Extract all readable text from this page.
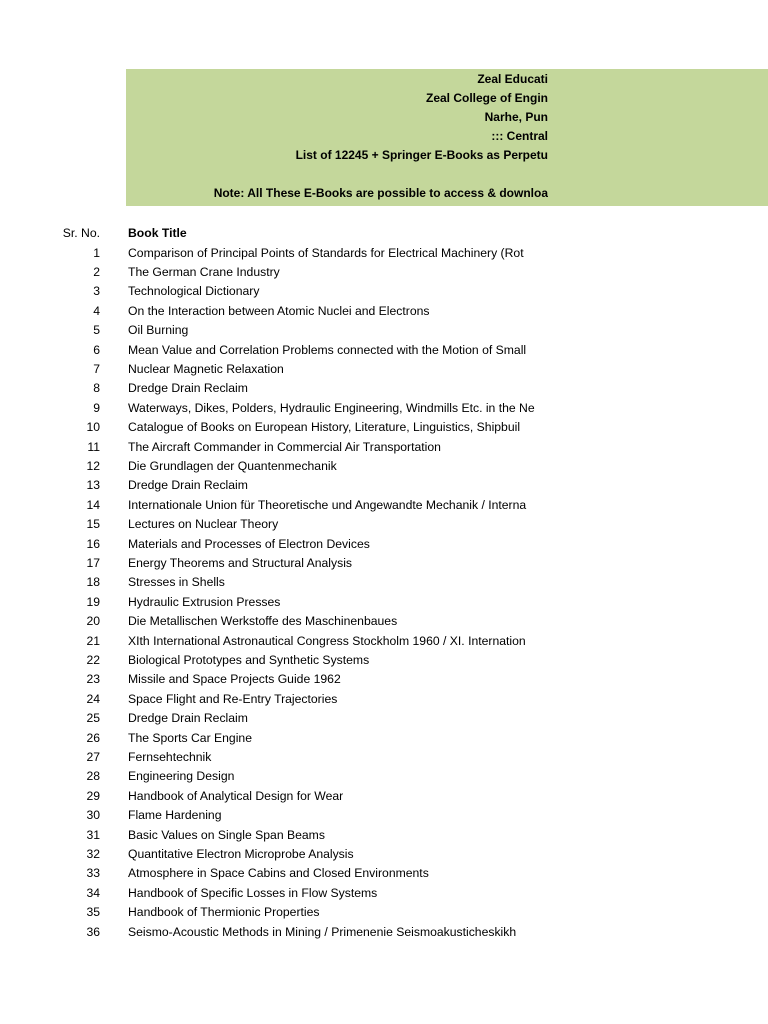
Zeal Educati
Zeal College of Engin
Narhe, Pun
::: Central
List of 12245 + Springer E-Books as Perpetu
Note: All These E-Books are possible to access & downloa
Sr. No. Book Title
1 Comparison of Principal Points of Standards for Electrical Machinery (Rot
2 The German Crane Industry
3 Technological Dictionary
4 On the Interaction between Atomic Nuclei and Electrons
5 Oil Burning
6 Mean Value and Correlation Problems connected with the Motion of Small
7 Nuclear Magnetic Relaxation
8 Dredge Drain Reclaim
9 Waterways, Dikes, Polders, Hydraulic Engineering, Windmills Etc. in the Ne
10 Catalogue of Books on European History, Literature, Linguistics, Shipbuil
11 The Aircraft Commander in Commercial Air Transportation
12 Die Grundlagen der Quantenmechanik
13 Dredge Drain Reclaim
14 Internationale Union für Theoretische und Angewandte Mechanik / Interna
15 Lectures on Nuclear Theory
16 Materials and Processes of Electron Devices
17 Energy Theorems and Structural Analysis
18 Stresses in Shells
19 Hydraulic Extrusion Presses
20 Die Metallischen Werkstoffe des Maschinenbaues
21 XIth International Astronautical Congress Stockholm 1960 / XI. Internation
22 Biological Prototypes and Synthetic Systems
23 Missile and Space Projects Guide 1962
24 Space Flight and Re-Entry Trajectories
25 Dredge Drain Reclaim
26 The Sports Car Engine
27 Fernsehtechnik
28 Engineering Design
29 Handbook of Analytical Design for Wear
30 Flame Hardening
31 Basic Values on Single Span Beams
32 Quantitative Electron Microprobe Analysis
33 Atmosphere in Space Cabins and Closed Environments
34 Handbook of Specific Losses in Flow Systems
35 Handbook of Thermionic Properties
36 Seismo-Acoustic Methods in Mining / Primenenie Seismoakusticheskikh
